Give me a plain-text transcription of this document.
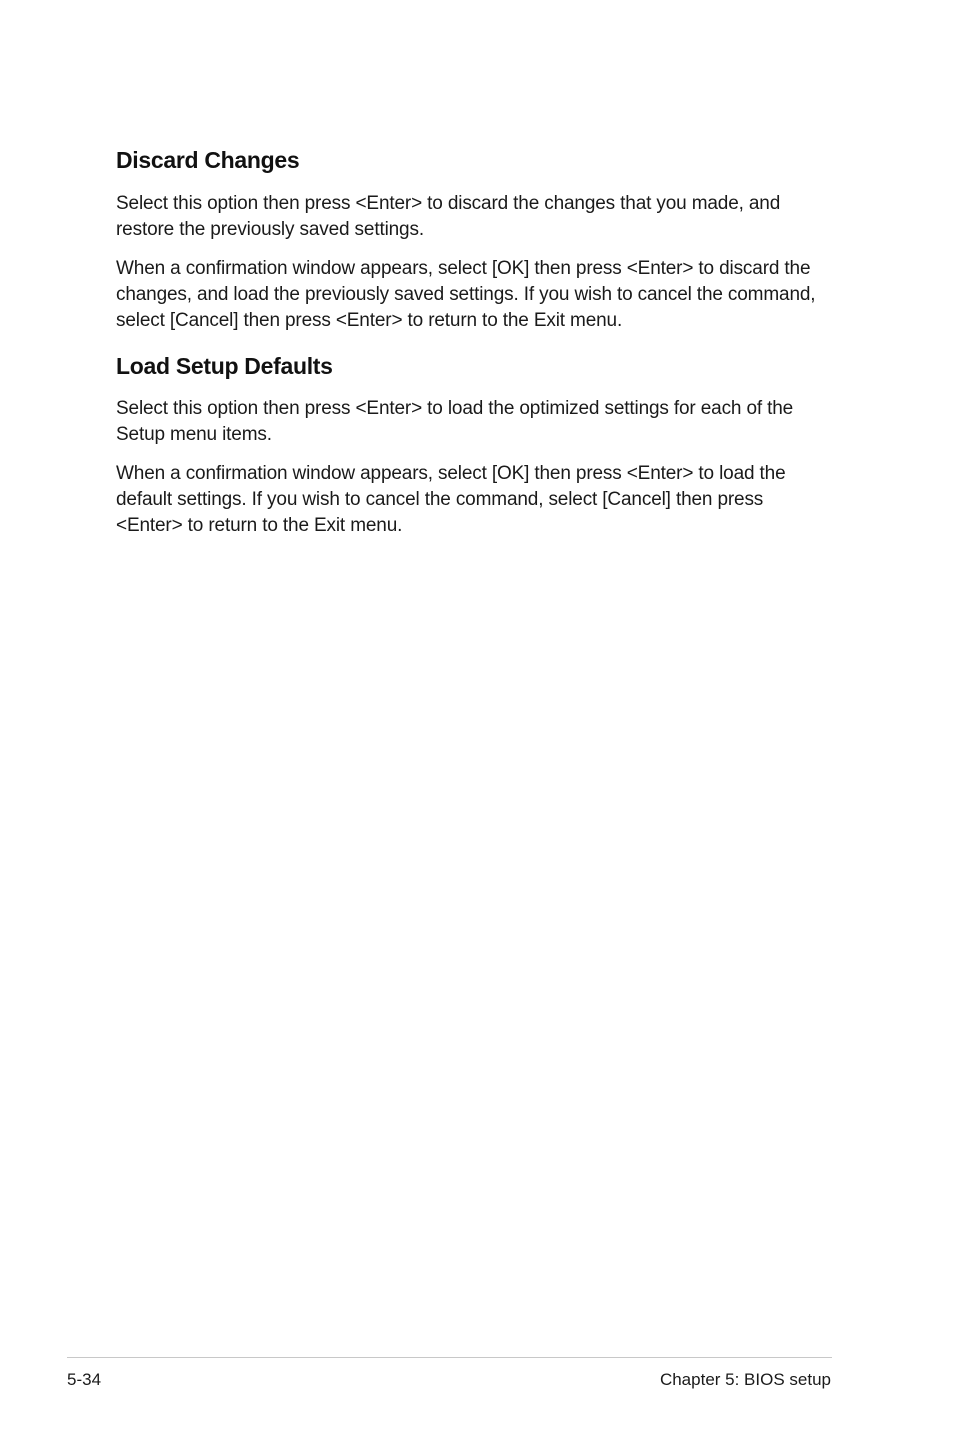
Discard Changes

Select this option then press <Enter> to discard the changes that you made, and restore the previously saved settings.

When a confirmation window appears, select [OK] then press <Enter> to discard the changes, and load the previously saved settings. If you wish to cancel the command, select [Cancel] then press <Enter> to return to the Exit menu.

Load Setup Defaults

Select this option then press <Enter> to load the optimized settings for each of the Setup menu items.

When a confirmation window appears, select [OK] then press <Enter> to load the default settings. If you wish to cancel the command, select [Cancel] then press <Enter> to return to the Exit menu.

5-34	Chapter 5: BIOS setup
